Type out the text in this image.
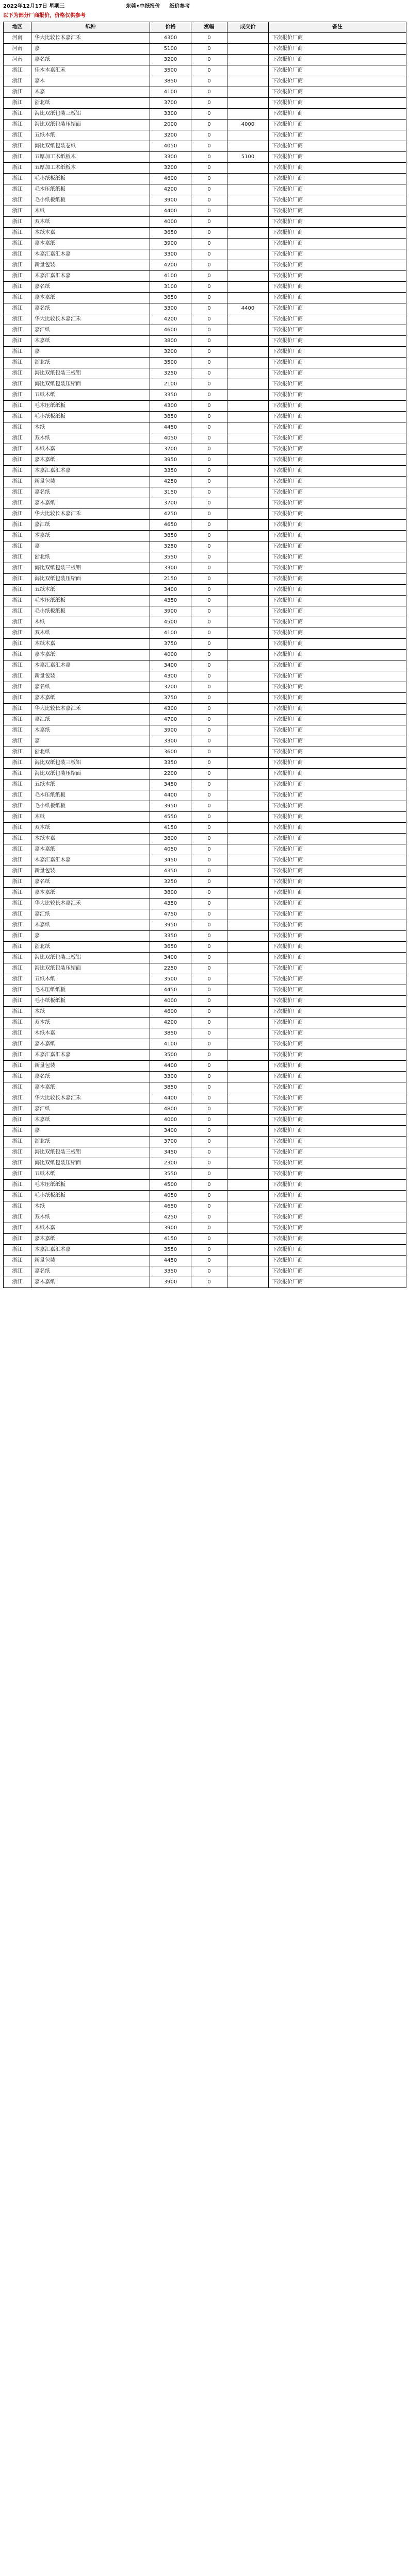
2022年12月17日 星期三	东莞•中纸报价 纸价参考
以下为部分厂商报价，价格仅供参考
地区	纸种	价格	涨幅	成交价	备注
河南	华大比较长木嘉汇禾	4300	0		下次报价厂商
河南	嘉	5100	0		下次报价厂商
河南	嘉名纸	3200	0		下次报价厂商
浙江	佳木木嘉汇禾	3500	0		下次报价厂商
浙江	嘉木	3850	0		下次报价厂商
浙江	木嘉	4100	0		下次报价厂商
浙江	浙北纸	3700	0		下次报价厂商
浙江	海比双纸包装三板铝	3300	0		下次报价厂商
浙江	海比双纸包装压缩面	2000	0	4000	下次报价厂商
浙江	五纸木纸	3200	0		下次报价厂商
浙江	海比双纸包装卷纸	4050	0		下次报价厂商
浙江	五厚加工木纸板木	3300	0	5100	下次报价厂商
浙江	五厚加工木纸板木	3200	0		下次报价厂商
浙江	毛小纸板纸板	4600	0		下次报价厂商
浙江	毛木压纸纸板	4200	0		下次报价厂商
浙江	毛小纸板纸板	3900	0		下次报价厂商
浙江	木纸	4400	0		下次报价厂商
浙江	双木纸	4000	0		下次报价厂商
浙江	木纸木嘉	3650	0		下次报价厂商
浙江	嘉木嘉纸	3900	0		下次报价厂商
浙江	木嘉汇嘉汇木嘉	3300	0		下次报价厂商
浙江	新量包装	4200	0		下次报价厂商
浙江	木嘉汇嘉汇木嘉	4100	0		下次报价厂商
浙江	嘉名纸	3100	0		下次报价厂商
浙江	嘉木嘉纸	3650	0		下次报价厂商
浙江	嘉名纸	3300	0	4400	下次报价厂商
浙江	华大比较长木嘉汇禾	4200	0		下次报价厂商
浙江	嘉汇纸	4600	0		下次报价厂商
浙江	木嘉纸	3800	0		下次报价厂商
浙江	嘉	3200	0		下次报价厂商
浙江	浙北纸	3500	0		下次报价厂商
浙江	海比双纸包装三板铝	3250	0		下次报价厂商
浙江	海比双纸包装压缩面	2100	0		下次报价厂商
浙江	五纸木纸	3350	0		下次报价厂商
浙江	毛木压纸纸板	4300	0		下次报价厂商
浙江	毛小纸板纸板	3850	0		下次报价厂商
浙江	木纸	4450	0		下次报价厂商
浙江	双木纸	4050	0		下次报价厂商
浙江	木纸木嘉	3700	0		下次报价厂商
浙江	嘉木嘉纸	3950	0		下次报价厂商
浙江	木嘉汇嘉汇木嘉	3350	0		下次报价厂商
浙江	新量包装	4250	0		下次报价厂商
浙江	嘉名纸	3150	0		下次报价厂商
浙江	嘉木嘉纸	3700	0		下次报价厂商
浙江	华大比较长木嘉汇禾	4250	0		下次报价厂商
浙江	嘉汇纸	4650	0		下次报价厂商
浙江	木嘉纸	3850	0		下次报价厂商
浙江	嘉	3250	0		下次报价厂商
浙江	浙北纸	3550	0		下次报价厂商
浙江	海比双纸包装三板铝	3300	0		下次报价厂商
浙江	海比双纸包装压缩面	2150	0		下次报价厂商
浙江	五纸木纸	3400	0		下次报价厂商
浙江	毛木压纸纸板	4350	0		下次报价厂商
浙江	毛小纸板纸板	3900	0		下次报价厂商
浙江	木纸	4500	0		下次报价厂商
浙江	双木纸	4100	0		下次报价厂商
浙江	木纸木嘉	3750	0		下次报价厂商
浙江	嘉木嘉纸	4000	0		下次报价厂商
浙江	木嘉汇嘉汇木嘉	3400	0		下次报价厂商
浙江	新量包装	4300	0		下次报价厂商
浙江	嘉名纸	3200	0		下次报价厂商
浙江	嘉木嘉纸	3750	0		下次报价厂商
浙江	华大比较长木嘉汇禾	4300	0		下次报价厂商
浙江	嘉汇纸	4700	0		下次报价厂商
浙江	木嘉纸	3900	0		下次报价厂商
浙江	嘉	3300	0		下次报价厂商
浙江	浙北纸	3600	0		下次报价厂商
浙江	海比双纸包装三板铝	3350	0		下次报价厂商
浙江	海比双纸包装压缩面	2200	0		下次报价厂商
浙江	五纸木纸	3450	0		下次报价厂商
浙江	毛木压纸纸板	4400	0		下次报价厂商
浙江	毛小纸板纸板	3950	0		下次报价厂商
浙江	木纸	4550	0		下次报价厂商
浙江	双木纸	4150	0		下次报价厂商
浙江	木纸木嘉	3800	0		下次报价厂商
浙江	嘉木嘉纸	4050	0		下次报价厂商
浙江	木嘉汇嘉汇木嘉	3450	0		下次报价厂商
浙江	新量包装	4350	0		下次报价厂商
浙江	嘉名纸	3250	0		下次报价厂商
浙江	嘉木嘉纸	3800	0		下次报价厂商
浙江	华大比较长木嘉汇禾	4350	0		下次报价厂商
浙江	嘉汇纸	4750	0		下次报价厂商
浙江	木嘉纸	3950	0		下次报价厂商
浙江	嘉	3350	0		下次报价厂商
浙江	浙北纸	3650	0		下次报价厂商
浙江	海比双纸包装三板铝	3400	0		下次报价厂商
浙江	海比双纸包装压缩面	2250	0		下次报价厂商
浙江	五纸木纸	3500	0		下次报价厂商
浙江	毛木压纸纸板	4450	0		下次报价厂商
浙江	毛小纸板纸板	4000	0		下次报价厂商
浙江	木纸	4600	0		下次报价厂商
浙江	双木纸	4200	0		下次报价厂商
浙江	木纸木嘉	3850	0		下次报价厂商
浙江	嘉木嘉纸	4100	0		下次报价厂商
浙江	木嘉汇嘉汇木嘉	3500	0		下次报价厂商
浙江	新量包装	4400	0		下次报价厂商
浙江	嘉名纸	3300	0		下次报价厂商
浙江	嘉木嘉纸	3850	0		下次报价厂商
浙江	华大比较长木嘉汇禾	4400	0		下次报价厂商
浙江	嘉汇纸	4800	0		下次报价厂商
浙江	木嘉纸	4000	0		下次报价厂商
浙江	嘉	3400	0		下次报价厂商
浙江	浙北纸	3700	0		下次报价厂商
浙江	海比双纸包装三板铝	3450	0		下次报价厂商
浙江	海比双纸包装压缩面	2300	0		下次报价厂商
浙江	五纸木纸	3550	0		下次报价厂商
浙江	毛木压纸纸板	4500	0		下次报价厂商
浙江	毛小纸板纸板	4050	0		下次报价厂商
浙江	木纸	4650	0		下次报价厂商
浙江	双木纸	4250	0		下次报价厂商
浙江	木纸木嘉	3900	0		下次报价厂商
浙江	嘉木嘉纸	4150	0		下次报价厂商
浙江	木嘉汇嘉汇木嘉	3550	0		下次报价厂商
浙江	新量包装	4450	0		下次报价厂商
浙江	嘉名纸	3350	0		下次报价厂商
浙江	嘉木嘉纸	3900	0		下次报价厂商
